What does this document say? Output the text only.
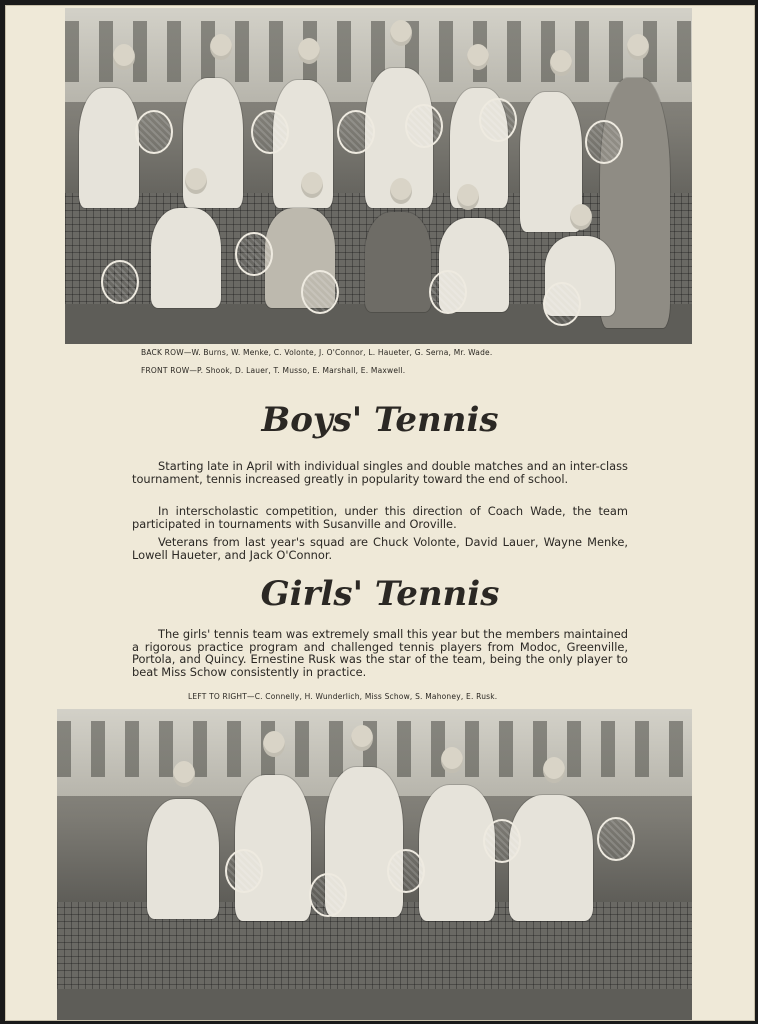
BACK ROW—W. Burns, W. Menke, C. Volonte, J. O'Connor, L. Haueter, G. Serna, Mr. Wade.

FRONT ROW—P. Shook, D. Lauer, T. Musso, E. Marshall, E. Maxwell.

Boys' Tennis

Starting late in April with individual singles and double matches and an inter-class tournament, tennis increased greatly in popularity toward the end of school.

In interscholastic competition, under this direction of Coach Wade, the team participated in tournaments with Susanville and Oroville.

Veterans from last year's squad are Chuck Volonte, David Lauer, Wayne Menke, Lowell Haueter, and Jack O'Connor.

Girls' Tennis

The girls' tennis team was extremely small this year but the members maintained a rigorous practice program and challenged tennis players from Modoc, Greenville, Portola, and Quincy. Ernestine Rusk was the star of the team, being the only player to beat Miss Schow consistently in practice.

LEFT TO RIGHT—C. Connelly, H. Wunderlich, Miss Schow, S. Mahoney, E. Rusk.
